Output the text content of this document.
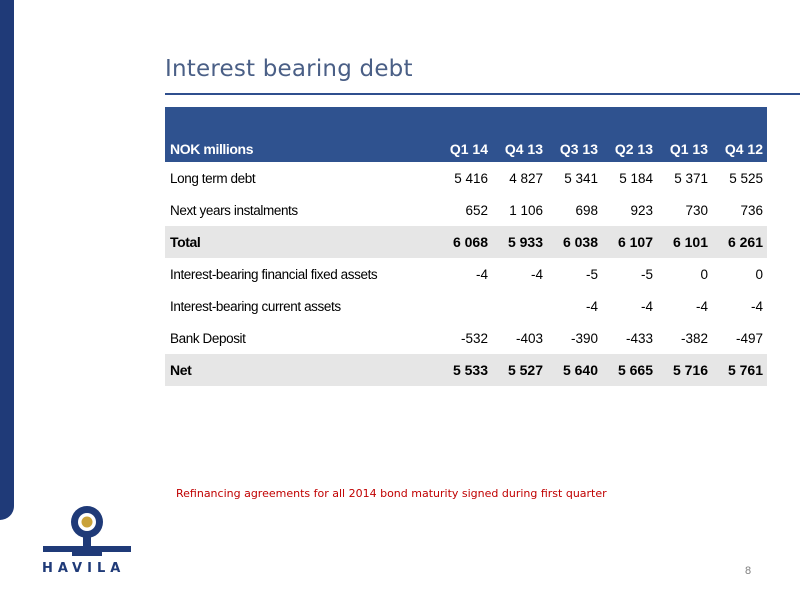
Interest bearing debt
NOK millions	Q1 14	Q4 13	Q3 13	Q2 13	Q1 13	Q4 12
Long term debt	5 416	4 827	5 341	5 184	5 371	5 525
Next years instalments	652	1 106	698	923	730	736
Total	6 068	5 933	6 038	6 107	6 101	6 261
Interest-bearing financial fixed assets	-4	-4	-5	-5	0	0
Interest-bearing current assets			-4	-4	-4	-4
Bank Deposit	-532	-403	-390	-433	-382	-497
Net	5 533	5 527	5 640	5 665	5 716	5 761
Refinancing agreements for all 2014 bond maturity signed during first quarter
HAVILA	8
